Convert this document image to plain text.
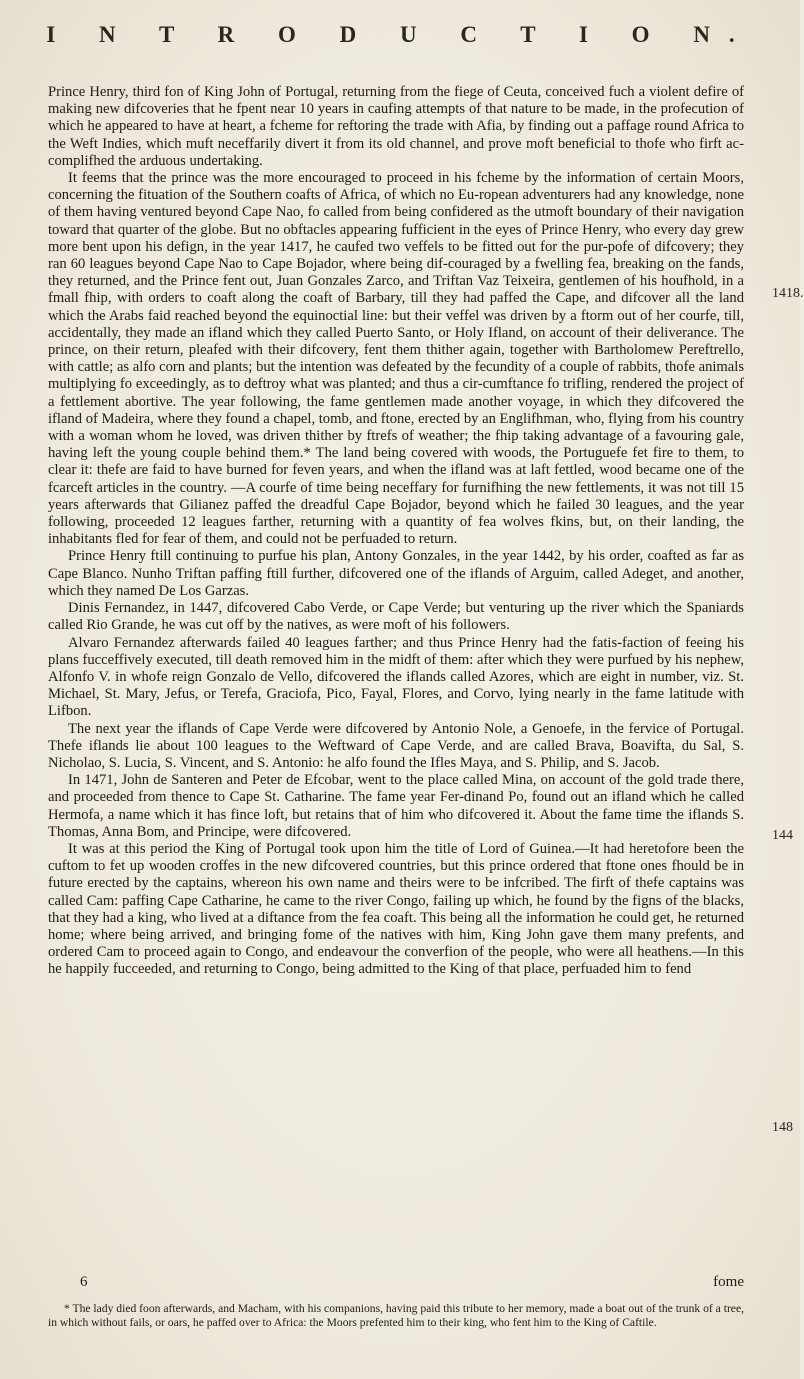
I N T R O D U C T I O N.

Prince Henry, third fon of King John of Portugal, returning from the fiege of Ceuta, conceived fuch a violent defire of making new difcoveries that he fpent near 10 years in caufing attempts of that nature to be made, in the profecution of which he appeared to have at heart, a fcheme for reftoring the trade with Afia, by finding out a paffage round Africa to the Weft Indies, which muft neceffarily divert it from its old channel, and prove moft beneficial to thofe who firft ac-complifhed the arduous undertaking.

It feems that the prince was the more encouraged to proceed in his fcheme by the information of certain Moors, concerning the fituation of the Southern coafts of Africa, of which no Eu-ropean adventurers had any knowledge, none of them having ventured beyond Cape Nao, fo called from being confidered as the utmoft boundary of their navigation toward that quarter of the globe. But no obftacles appearing fufficient in the eyes of Prince Henry, who every day grew more bent upon his defign, in the year 1417, he caufed two veffels to be fitted out for the pur-pofe of difcovery; they ran 60 leagues beyond Cape Nao to Cape Bojador, where being dif-couraged by a fwelling fea, breaking on the fands, they returned, and the Prince fent out, Juan Gonzales Zarco, and Triftan Vaz Teixeira, gentlemen of his houfhold, in a fmall fhip, with orders to coaft along the coaft of Barbary, till they had paffed the Cape, and difcover all the land which the Arabs faid reached beyond the equinoctial line: but their veffel was driven by a ftorm out of her courfe, till, accidentally, they made an ifland which they called Puerto Santo, or Holy Ifland, on account of their deliverance. The prince, on their return, pleafed with their difcovery, fent them thither again, together with Bartholomew Pereftrello, with cattle; as alfo corn and plants; but the intention was defeated by the fecundity of a couple of rabbits, thofe animals multiplying fo exceedingly, as to deftroy what was planted; and thus a cir-cumftance fo trifling, rendered the project of a fettlement abortive. The year following, the fame gentlemen made another voyage, in which they difcovered the ifland of Madeira, where they found a chapel, tomb, and ftone, erected by an Englifhman, who, flying from his country with a woman whom he loved, was driven thither by ftrefs of weather; the fhip taking advantage of a favouring gale, having left the young couple behind them.* The land being covered with woods, the Portuguefe fet fire to them, to clear it: thefe are faid to have burned for feven years, and when the ifland was at laft fettled, wood became one of the fcarceft articles in the country. —A courfe of time being neceffary for furnifhing the new fettlements, it was not till 15 years afterwards that Gilianez paffed the dreadful Cape Bojador, beyond which he failed 30 leagues, and the year following, proceeded 12 leagues farther, returning with a quantity of fea wolves fkins, but, on their landing, the inhabitants fled for fear of them, and could not be perfuaded to return.

Prince Henry ftill continuing to purfue his plan, Antony Gonzales, in the year 1442, by his order, coafted as far as Cape Blanco. Nunho Triftan paffing ftill further, difcovered one of the iflands of Arguim, called Adeget, and another, which they named De Los Garzas.

Dinis Fernandez, in 1447, difcovered Cabo Verde, or Cape Verde; but venturing up the river which the Spaniards called Rio Grande, he was cut off by the natives, as were moft of his followers.

Alvaro Fernandez afterwards failed 40 leagues farther; and thus Prince Henry had the fatis-faction of feeing his plans fucceffively executed, till death removed him in the midft of them: after which they were purfued by his nephew, Alfonfo V. in whofe reign Gonzalo de Vello, difcovered the iflands called Azores, which are eight in number, viz. St. Michael, St. Mary, Jefus, or Terefa, Graciofa, Pico, Fayal, Flores, and Corvo, lying nearly in the fame latitude with Lifbon.

The next year the iflands of Cape Verde were difcovered by Antonio Nole, a Genoefe, in the fervice of Portugal. Thefe iflands lie about 100 leagues to the Weftward of Cape Verde, and are called Brava, Boavifta, du Sal, S. Nicholao, S. Lucia, S. Vincent, and S. Antonio: he alfo found the Ifles Maya, and S. Philip, and S. Jacob.

In 1471, John de Santeren and Peter de Efcobar, went to the place called Mina, on account of the gold trade there, and proceeded from thence to Cape St. Catharine. The fame year Fer-dinand Po, found out an ifland which he called Hermofa, a name which it has fince loft, but retains that of him who difcovered it. About the fame time the iflands S. Thomas, Anna Bom, and Principe, were difcovered.

It was at this period the King of Portugal took upon him the title of Lord of Guinea.—It had heretofore been the cuftom to fet up wooden croffes in the new difcovered countries, but this prince ordered that ftone ones fhould be in future erected by the captains, whereon his own name and theirs were to be infcribed. The firft of thefe captains was called Cam: paffing Cape Catharine, he came to the river Congo, failing up which, he found by the figns of the blacks, that they had a king, who lived at a diftance from the fea coaft. This being all the information he could get, he returned home; where being arrived, and bringing fome of the natives with him, King John gave them many prefents, and ordered Cam to proceed again to Congo, and endeavour the converfion of the people, who were all heathens.—In this he happily fucceeded, and returning to Congo, being admitted to the King of that place, perfuaded him to fend

1418.
144
148
6	fome
* The lady died foon afterwards, and Macham, with his companions, having paid this tribute to her memory, made a boat out of the trunk of a tree, in which without fails, or oars, he paffed over to Africa: the Moors prefented him to their king, who fent him to the King of Caftile.
